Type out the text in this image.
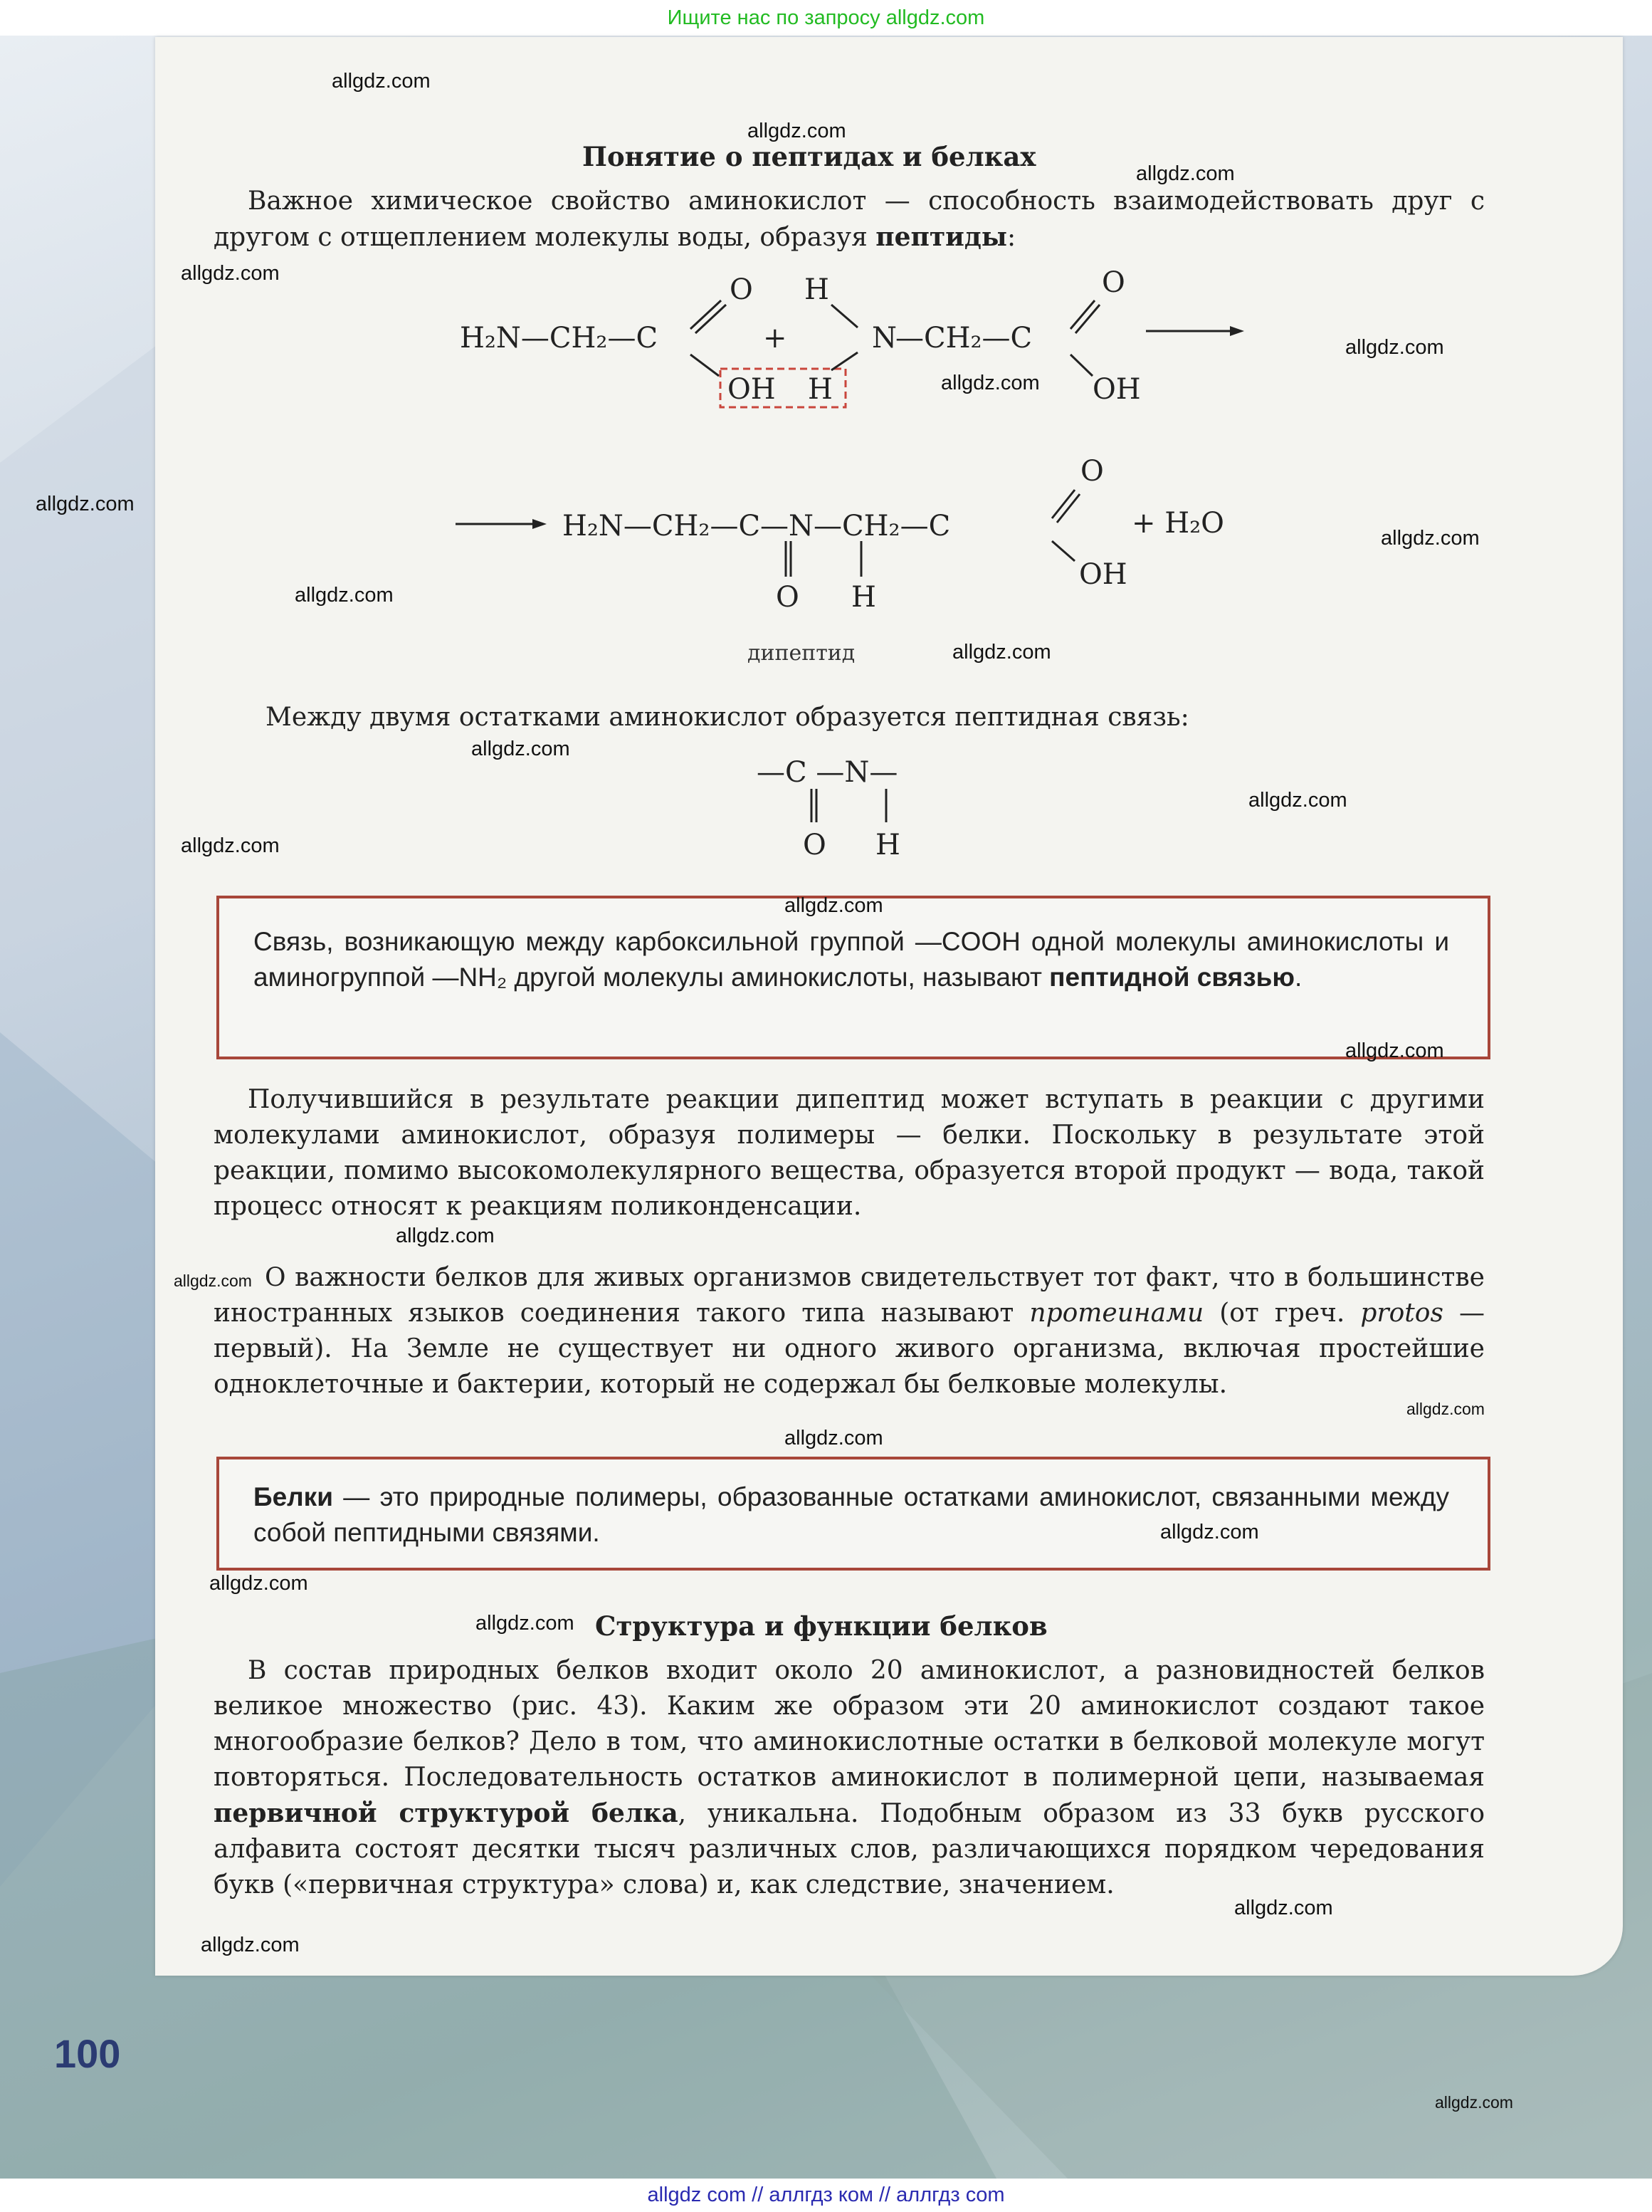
Ищите нас по запросу allgdz.com
100
Понятие о пептидах и белках
Важное химическое свойство аминокислот — способность взаимодействовать друг с другом с отщеплением молекулы воды, образуя пептиды:
H₂N—CH₂—C
O
OH H
+
H
N
—CH₂—C
O
OH
H₂N—CH₂—C—N—CH₂—C
O H
O
OH
+ H₂O
дипептид
Между двумя остатками аминокислот образуется пептидная связь:
—C —N—
O H
Связь, возникающую между карбоксильной группой —COOH одной молекулы аминокислоты и аминогруппой —NH₂ другой молекулы аминокислоты, называют пептидной связью.
Получившийся в результате реакции дипептид может вступать в реакции с другими молекулами аминокислот, образуя полимеры — белки. Поскольку в результате этой реакции, помимо высокомолекулярного вещества, образуется второй продукт — вода, такой процесс относят к реакциям поликонденсации.
О важности белков для живых организмов свидетельствует тот факт, что в большинстве иностранных языков соединения такого типа называют протеинами (от греч. protos — первый). На Земле не существует ни одного живого организма, включая простейшие одноклеточные и бактерии, который не содержал бы белковые молекулы.
Белки — это природные полимеры, образованные остатками аминокислот, связанными между собой пептидными связями.
Структура и функции белков
В состав природных белков входит около 20 аминокислот, а разновидностей белков великое множество (рис. 43). Каким же образом эти 20 аминокислот создают такое многообразие белков? Дело в том, что аминокислотные остатки в белковой молекуле могут повторяться. Последовательность остатков аминокислот в полимерной цепи, называемая первичной структурой белка, уникальна. Подобным образом из 33 букв русского алфавита состоят десятки тысяч различных слов, различающихся порядком чередования букв («первичная структура» слова) и, как следствие, значением.
allgdz.com
allgdz.com
allgdz.com
allgdz.com
allgdz.com
allgdz.com
allgdz.com
allgdz.com
allgdz.com
allgdz.com
allgdz.com
allgdz.com
allgdz.com
allgdz.com
allgdz.com
allgdz.com
allgdz.com
allgdz.com
allgdz.com
allgdz.com
allgdz.com
allgdz.com
allgdz.com
allgdz.com
allgdz.com
allgdz com // аллгдз ком // аллгдз com
